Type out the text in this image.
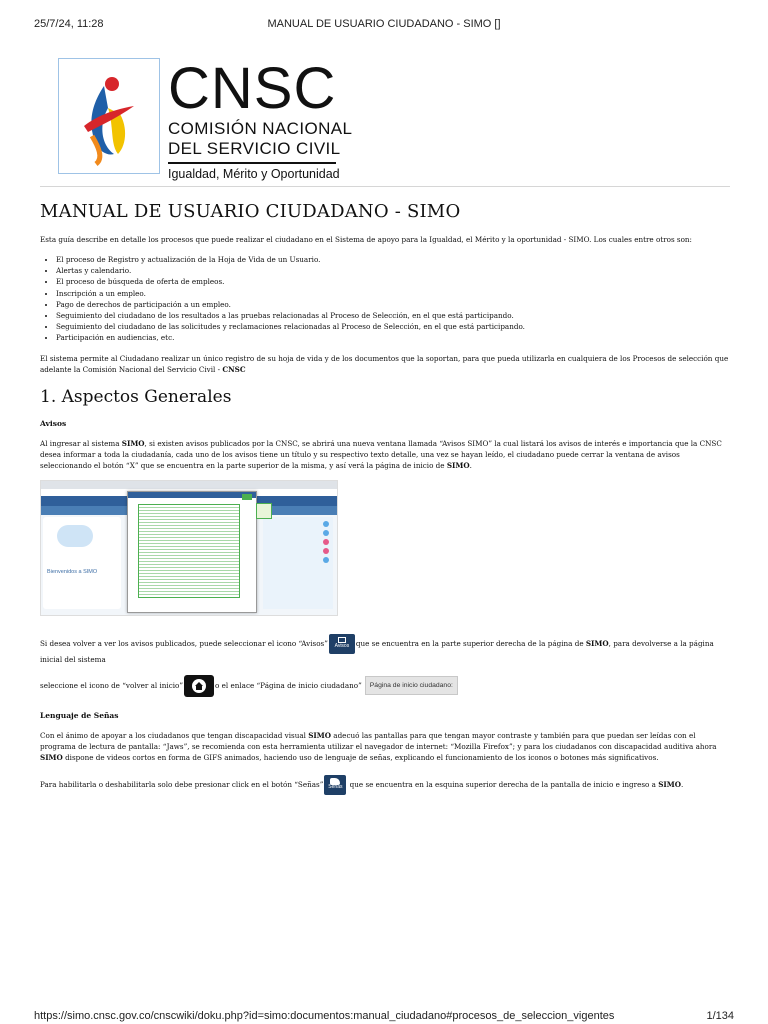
25/7/24, 11:28	MANUAL DE USUARIO CIUDADANO - SIMO []
CNSC
COMISIÓN NACIONAL
DEL SERVICIO CIVIL
Igualdad, Mérito y Oportunidad
MANUAL DE USUARIO CIUDADANO - SIMO

Esta guía describe en detalle los procesos que puede realizar el ciudadano en el Sistema de apoyo para la Igualdad, el Mérito y la oportunidad - SIMO. Los cuales entre otros son:

• El proceso de Registro y actualización de la Hoja de Vida de un Usuario.
• Alertas y calendario.
• El proceso de búsqueda de oferta de empleos.
• Inscripción a un empleo.
• Pago de derechos de participación a un empleo.
• Seguimiento del ciudadano de los resultados a las pruebas relacionadas al Proceso de Selección, en el que está participando.
• Seguimiento del ciudadano de las solicitudes y reclamaciones relacionadas al Proceso de Selección, en el que está participando.
• Participación en audiencias, etc.

El sistema permite al Ciudadano realizar un único registro de su hoja de vida y de los documentos que la soportan, para que pueda utilizarla en cualquiera de los Procesos de selección que adelante la Comisión Nacional del Servicio Civil - CNSC

1. Aspectos Generales
Avisos

Al ingresar al sistema SIMO, si existen avisos publicados por la CNSC, se abrirá una nueva ventana llamada “Avisos SIMO” la cual listará los avisos de interés e importancia que la CNSC desea informar a toda la ciudadanía, cada uno de los avisos tiene un título y su respectivo texto detalle, una vez se hayan leído, el ciudadano puede cerrar la ventana de avisos seleccionando el botón “X” que se encuentra en la parte superior de la misma, y así verá la página de inicio de SIMO.

Bienvenidos a SIMO
Si desea volver a ver los avisos publicados, puede seleccionar el icono “Avisos”	Avisos que se encuentra en la parte superior derecha de la página de SIMO, para devolverse a la página inicial del sistema
seleccione el icono de “volver al inicio”	o el enlace “Página de inicio ciudadano” Página de inicio ciudadano:
Lenguaje de Señas

Con el ánimo de apoyar a los ciudadanos que tengan discapacidad visual SIMO adecuó las pantallas para que tengan mayor contraste y también para que puedan ser leídas con el programa de lectura de pantalla: “Jaws”, se recomienda con esta herramienta utilizar el navegador de internet: “Mozilla Firefox”; y para los ciudadanos con discapacidad auditiva ahora SIMO dispone de videos cortos en forma de GIFS animados, haciendo uso de lenguaje de señas, explicando el funcionamiento de los iconos o botones más significativos.

Para habilitarla o deshabilitarla solo debe presionar click en el botón “Señas” Señas que se encuentra en la esquina superior derecha de la pantalla de inicio e ingreso a SIMO.
https://simo.cnsc.gov.co/cnscwiki/doku.php?id=simo:documentos:manual_ciudadano#procesos_de_seleccion_vigentes	1/134
